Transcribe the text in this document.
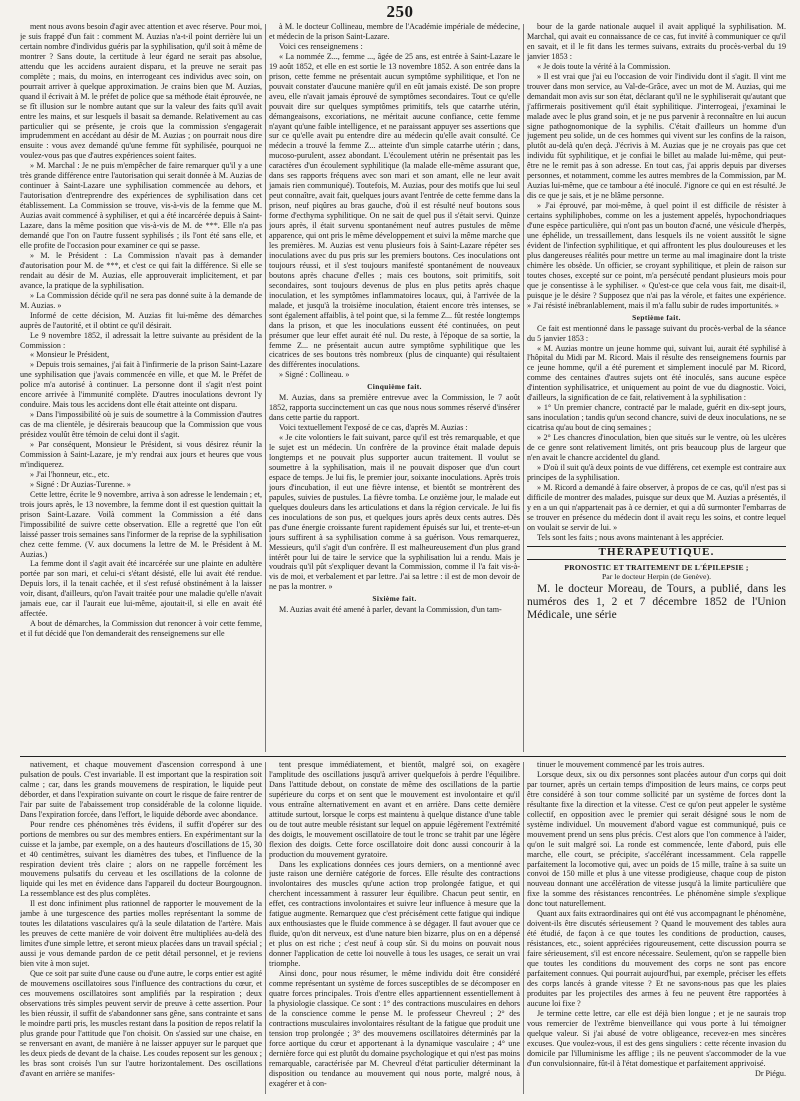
250

ment nous avons besoin d'agir avec attention et avec réserve. Pour moi, je suis frappé d'un fait : comment M. Auzias n'a-t-il point derrière lui un certain nombre d'individus guéris par la syphilisation, qu'il soit à même de montrer ? Sans doute, la certitude à leur égard ne serait pas absolue, attendu que les accidens auraient disparu, et la preuve ne serait pas complète ; mais, du moins, en interrogeant ces individus avec soin, on pourrait arriver à quelque approximation. Je crains bien que M. Auzias, quand il écrivait à M. le préfet de police que sa méthode était éprouvée, ne se fît illusion sur le nombre autant que sur la valeur des faits qu'il avait entre les mains, et sur lesquels il basait sa demande. Relativement au cas particulier qui se présente, je crois que la commission s'engagerait imprudemment en accédant au désir de M. Auzias ; on pourrait nous dire ensuite : vous avez demandé qu'une femme fût syphilisée, pourquoi ne voulez-vous pas que d'autres expériences soient faites.

» M. Marchal : Je ne puis m'empêcher de faire remarquer qu'il y a une très grande différence entre l'autorisation qui serait donnée à M. Auzias de continuer à Saint-Lazare une syphilisation commencée au dehors, et l'autorisation d'entreprendre des expériences de syphilisation dans cet établissement. La Commission se trouve, vis-à-vis de la femme que M. Auzias avait commencé à syphiliser, et qui a été incarcérée depuis à Saint-Lazare, dans la même position que vis-à-vis de M. de ***. Elle n'a pas demandé que l'on on l'autre fussent syphilisés ; ils l'ont été sans elle, et elle profite de l'occasion pour examiner ce qui se passe.

» M. le Président : La Commission n'avait pas à demander d'autorisation pour M. de ***, et c'est ce qui fait la différence. Si elle se rendait au désir de M. Auzias, elle approuverait implicitement, et par avance, la pratique de la syphilisation.

» La Commission décide qu'il ne sera pas donné suite à la demande de M. Auzias. »

Informé de cette décision, M. Auzias fit lui-même des démarches auprès de l'autorité, et il obtint ce qu'il désirait.

Le 9 novembre 1852, il adressait la lettre suivante au président de la Commission :

« Monsieur le Président,

» Depuis trois semaines, j'ai fait à l'infirmerie de la prison Saint-Lazare une syphilisation que j'avais commencée en ville, et que M. le Préfet de police m'a autorisé à continuer. La personne dont il s'agit n'est point encore arrivée à l'immunité complète. D'autres inoculations devront l'y conduire. Mais tous les accidens dont elle était atteinte ont disparu.

» Dans l'impossibilité où je suis de soumettre à la Commission d'autres cas de ma clientèle, je désirerais beaucoup que la Commission que vous présidez voulût être témoin de celui dont il s'agit.

» Par conséquent, Monsieur le Président, si vous désirez réunir la Commission à Saint-Lazare, je m'y rendrai aux jours et heures que vous m'indiquerez.

» J'ai l'honneur, etc., etc.

» Signé : Dr Auzias-Turenne. »

Cette lettre, écrite le 9 novembre, arriva à son adresse le lendemain ; et, trois jours après, le 13 novembre, la femme dont il est question quittait la prison Saint-Lazare. Voilà comment la Commission a été dans l'impossibilité de suivre cette observation. Elle a regretté que l'on eût laissé passer trois semaines sans l'informer de la reprise de la syphilisation chez cette femme. (V. aux documens la lettre de M. le Président à M. Auzias.)

La femme dont il s'agit avait été incarcérée sur une plainte en adultère portée par son mari, et celui-ci s'étant désisté, elle lui avait été rendue. Depuis lors, il la tenait cachée, et il s'est refusé obstinément à la laisser voir, disant, d'ailleurs, qu'on l'avait traitée pour une maladie qu'elle n'avait jamais eue, car il l'aurait eue lui-même, ajoutait-il, si elle en avait été affectée.

A bout de démarches, la Commission dut renoncer à voir cette femme, et il fut décidé que l'on demanderait des renseignemens sur elle

à M. le docteur Collineau, membre de l'Académie impériale de médecine, et médecin de la prison Saint-Lazare.

Voici ces renseignemens :

« La nommée Z..., femme ..., âgée de 25 ans, est entrée à Saint-Lazare le 19 août 1852, et elle en est sortie le 13 novembre 1852. A son entrée dans la prison, cette femme ne présentait aucun symptôme syphilitique, et l'on ne pouvait constater d'aucune manière qu'il en eût jamais existé. De son propre aveu, elle n'avait jamais éprouvé de symptômes secondaires. Tout ce qu'elle pouvait dire sur quelques symptômes primitifs, tels que catarrhe utérin, démangeaisons, excoriations, ne méritait aucune confiance, cette femme n'ayant qu'une faible intelligence, et ne paraissant appuyer ses assertions que sur ce qu'elle avait pu entendre dire au médecin qu'elle avait consulté. Ce médecin a trouvé la femme Z... atteinte d'un simple catarrhe utérin ; dans, mucoso-purulent, assez abondant. L'écoulement utérin ne présentait pas les caractères d'un écoulement syphilitique (la malade elle-même assurant que, dans ses rapports fréquens avec son mari et son amant, elle ne leur avait jamais rien communiqué). Toutefois, M. Auzias, pour des motifs que lui seul peut connaître, avait fait, quelques jours avant l'entrée de cette femme dans la prison, neuf piqûres au bras gauche, d'où il est résulté neuf boutons sous forme d'ecthyma syphilitique. On ne sait de quel pus il s'était servi. Quinze jours après, il était survenu spontanément neuf autres pustules de même apparence, qui ont pris le même développement et suivi la même marche que les premières. M. Auzias est venu plusieurs fois à Saint-Lazare répéter ses inoculations avec du pus pris sur les premiers boutons. Ces inoculations ont toujours réussi, et il s'est toujours manifesté spontanément de nouveaux boutons après chacune d'elles ; mais ces boutons, soit primitifs, soit secondaires, sont toujours devenus de plus en plus petits après chaque inoculation, et les symptômes inflammatoires locaux, qui, à l'arrivée de la malade, et jusqu'à la troisième inoculation, étaient encore très intenses, se sont également affaiblis, à tel point que, si la femme Z... fût restée longtemps dans la prison, et que les inoculations eussent été continuées, on peut présumer que leur effet aurait été nul. Du reste, à l'époque de sa sortie, la femme Z... ne présentait aucun autre symptôme syphilitique que les cicatrices de ses boutons très nombreux (plus de cinquante) qui résultaient des différentes inoculations.

» Signé : Collineau. »

Cinquième fait.

M. Auzias, dans sa première entrevue avec la Commission, le 7 août 1852, rapporta succinctement un cas que nous nous sommes réservé d'insérer dans cette partie du rapport.

Voici textuellement l'exposé de ce cas, d'après M. Auzias :

« Je cite volontiers le fait suivant, parce qu'il est très remarquable, et que le sujet est un médecin. Un confrère de la province était malade depuis longtemps et ne pouvait plus supporter aucun traitement. Il voulut se soumettre à la syphilisation, mais il ne pouvait disposer que d'un court espace de temps. Je lui fis, le premier jour, soixante inoculations. Après trois jours d'incubation, il eut une fièvre intense, et bientôt se montrèrent des papules, suivies de pustules. La fièvre tomba. Le onzième jour, le malade eut quelques douleurs dans les articulations et dans la région cervicale. Je lui fis ces inoculations de son pus, et quelques jours après deux cents autres. Dès pas d'une énergie croissante furent rapidement épuisés sur lui, et trente-et-un jours suffirent à sa syphilisation comme à sa guérison. Vous remarquerez, Messieurs, qu'il s'agit d'un confrère. Il est malheureusement d'un plus grand intérêt pour lui de taire le service que la syphilisation lui a rendu. Mais je voudrais qu'il pût s'expliquer devant la Commission, comme il l'a fait vis-à-vis de moi, et verbalement et par lettre. J'ai sa lettre : il est de mon devoir de ne pas la montrer. »

Sixième fait.

M. Auzias avait été amené à parler, devant la Commission, d'un tam-

bour de la garde nationale auquel il avait appliqué la syphilisation. M. Marchal, qui avait eu connaissance de ce cas, fut invité à communiquer ce qu'il en savait, et il le fit dans les termes suivans, extraits du procès-verbal du 19 janvier 1853 :

« Je dois toute la vérité à la Commission.

» Il est vrai que j'ai eu l'occasion de voir l'individu dont il s'agit. Il vint me trouver dans mon service, au Val-de-Grâce, avec un mot de M. Auzias, qui me demandait mon avis sur son état, déclarant qu'il ne le syphiliserait qu'autant que j'affirmerais positivement qu'il était syphilitique. J'interrogeai, j'examinai le malade avec le plus grand soin, et je ne pus parvenir à reconnaître en lui aucun signe pathognomonique de la syphilis. C'était d'ailleurs un homme d'un jugement peu solide, un de ces hommes qui vivent sur les confins de la raison, plutôt au-delà qu'en deçà. J'écrivis à M. Auzias que je ne croyais pas que cet individu fût syphilitique, et je confiai le billet au malade lui-même, qui peut-être ne le remit pas à son adresse. En tout cas, j'ai appris depuis par diverses personnes, et notamment, comme les autres membres de la Commission, par M. Auzias lui-même, que ce tambour a été inoculé. J'ignore ce qui en est résulté. Je dis ce que je sais, et je ne blâme personne.

» J'ai éprouvé, par moi-même, à quel point il est difficile de résister à certains syphiliphobes, comme on les a justement appelés, hypochondriaques d'une espèce particulière, qui n'ont pas un bouton d'acné, une vésicule d'herpès, une éphélide, un tressaillement, dans lesquels ils ne voient aussitôt le signe évident de l'infection syphilitique, et qui affrontent les plus douloureuses et les plus dangereuses réalités pour mettre un terme au mal imaginaire dont la triste chimère les obsède. Un officier, se croyant syphilitique, et plein de raison sur toutes choses, excepté sur ce point, m'a persécuté pendant plusieurs mois pour que je consentisse à le syphiliser. « Qu'est-ce que cela vous fait, me disait-il, puisque je le désire ? Supposez que n'ai pas la vérole, et faites une expérience. » J'ai résisté inébranlablement, mais il m'a fallu subir de rudes importunités. »

Septième fait.

Ce fait est mentionné dans le passage suivant du procès-verbal de la séance du 5 janvier 1853 :

« M. Auzias montre un jeune homme qui, suivant lui, aurait été syphilisé à l'hôpital du Midi par M. Ricord. Mais il résulte des renseignemens fournis par ce jeune homme, qu'il a été purement et simplement inoculé par M. Ricord, comme des centaines d'autres sujets ont été inoculés, sans aucune espèce d'intention syphilisatrice, et uniquement au point de vue du diagnostic. Voici, d'ailleurs, la signification de ce fait, relativement à la syphilisation :

» 1° Un premier chancre, contracté par le malade, guérit en dix-sept jours, sans inoculation ; tandis qu'un second chancre, suivi de deux inoculations, ne se cicatrisa qu'au bout de cinq semaines ;

» 2° Les chancres d'inoculation, bien que situés sur le ventre, où les ulcères de ce genre sont relativement limités, ont pris beaucoup plus de largeur que n'en avait le chancre accidentel du gland.

» D'où il suit qu'à deux points de vue différens, cet exemple est contraire aux principes de la syphilisation.

» M. Ricord a demandé à faire observer, à propos de ce cas, qu'il n'est pas si difficile de montrer des malades, puisque sur deux que M. Auzias a présentés, il y en a un qui n'appartenait pas à ce dernier, et qui a dû surmonter l'embarras de se trouver en présence du médecin dont il avait reçu les soins, et contre lequel on voulait se servir de lui. »

Tels sont les faits ; nous avons maintenant à les apprécier.

THÉRAPEUTIQUE.
PRONOSTIC ET TRAITEMENT DE L'ÉPILEPSIE ;
Par le docteur Herpin (de Genève).
M. le docteur Moreau, de Tours, a publié, dans les numéros des 1, 2 et 7 décembre 1852 de l'Union Médicale, une série

nativement, et chaque mouvement d'ascension correspond à une pulsation de pouls. C'est invariable. Il est important que la respiration soit calme ; car, dans les grands mouvemens de respiration, le liquide peut déborder, et dans l'expiration suivante on court le risque de faire rentrer de l'air par suite de l'abaissement trop considérable de la colonne liquide. Dans l'expiration forcée, dans l'effort, le liquide déborde avec abondance.

Pour rendre ces phénomènes très évidens, il suffit d'opérer sur des portions de membres ou sur des membres entiers. En expérimentant sur la cuisse et la jambe, par exemple, on a des hauteurs d'oscillations de 15, 30 et 40 centimètres, suivant les diamètres des tubes, et l'influence de la respiration devient très claire ; alors on ne rappelle forcément les mouvemens pulsatifs du cerveau et les oscillations de la colonne de liquide qui les met en évidence dans l'appareil du docteur Bourgougnon. La ressemblance est des plus complètes.

Il est donc infiniment plus rationnel de rapporter le mouvement de la jambe à une turgescence des parties molles représentant la somme de toutes les dilatations vasculaires qu'à la seule dilatation de l'artère. Mais les preuves de cette manière de voir doivent être multipliées au-delà des limites d'une simple lettre, et seront mieux placées dans un travail spécial ; aussi je vous demande pardon de ce petit détail personnel, et je reviens bien vite à mon sujet.

Que ce soit par suite d'une cause ou d'une autre, le corps entier est agité de mouvemens oscillatoires sous l'influence des contractions du cœur, et ces mouvemens oscillatoires sont amplifiés par la respiration ; deux observations très simples peuvent servir de preuve à cette assertion. Pour les bien réussir, il suffit de s'abandonner sans gêne, sans contrainte et sans le moindre parti pris, les muscles restant dans la position de repos relatif la plus grande pour l'attitude que l'on choisit. On s'assied sur une chaise, en se renversant en avant, de manière à ne laisser appuyer sur le parquet que les deux pieds de devant de la chaise. Les coudes reposent sur les genoux ; les bras sont croisés l'un sur l'autre horizontalement. Des oscillations d'avant en arrière se manifes-

tent presque immédiatement, et bientôt, malgré soi, on exagère l'amplitude des oscillations jusqu'à arriver quelquefois à perdre l'équilibre. Dans l'attitude debout, on constate de même des oscillations de la partie supérieure du corps et on sent que le mouvement est involontaire et qu'il vous entraîne alternativement en avant et en arrière. Dans cette dernière attitude surtout, lorsque le corps est maintenu à quelque distance d'une table ou de tout autre meuble résistant sur lequel on appuie légèrement l'extrémité des doigts, le mouvement oscillatoire de tout le tronc se trahit par une légère flexion des doigts. Cette force oscillatoire doit donc aussi concourir à la production du mouvement gyratoire.

Dans les explications données ces jours derniers, on a mentionné avec juste raison une dernière catégorie de forces. Elle résulte des contractions involontaires des muscles qu'une action trop prolongée fatigue, et qui cherchent incessamment à rassurer leur équilibre. Chacun peut sentir, en effet, ces contractions involontaires et suivre leur influence à mesure que la fatigue augmente. Remarquez que c'est précisément cette fatigue qui indique aux enthousiastes que le fluide commence à se dégager. Il faut avouer que ce fluide, qu'on dit nerveux, est d'une nature bien bizarre, plus on en a dépensé et plus on est riche ; c'est neuf à coup sûr. Si du moins on pouvait nous donner l'application de cette loi nouvelle à tous les usages, ce serait un vrai triomphe.

Ainsi donc, pour nous résumer, le même individu doit être considéré comme représentant un système de forces susceptibles de se décomposer en quatre forces principales. Trois d'entre elles appartiennent essentiellement à la physiologie classique. Ce sont : 1° des contractions musculaires en dehors de la conscience comme le pense M. le professeur Chevreul ; 2° des contractions musculaires involontaires résultant de la fatigue que produit une tension trop prolongée ; 3° des mouvemens oscillatoires déterminés par la force aortique du cœur et apportenant à la dynamique vasculaire ; 4° une dernière force qui est plutôt du domaine psychologique et qui n'est pas moins remarquable, caractérisée par M. Chevreul d'état particulier déterminant la disposition ou tendance au mouvement qui nous porte, malgré nous, à exagérer et à con-

tinuer le mouvement commencé par les trois autres.

Lorsque deux, six ou dix personnes sont placées autour d'un corps qui doit par tourner, après un certain temps d'imposition de leurs mains, ce corps peut être considéré à son tour comme sollicité par un système de forces dont la résultante fixe la direction et la vitesse. C'est ce qu'on peut appeler le système collectif, en opposition avec le premier qui serait désigné sous le nom de système individuel. Un mouvement d'abord vague est communiqué, puis ce mouvement prend un sens plus précis. C'est alors que l'on commence à l'aider, qu'on le suit malgré soi. La ronde est commencée, lente d'abord, puis elle marche, elle court, se précipite, s'accélérant incessamment. Cela rappelle parfaitement la locomotive qui, avec un poids de 15 mille, traîne à sa suite un convoi de 150 mille et plus à une vitesse prodigieuse, chaque coup de piston nouveau donnant une accélération de vitesse jusqu'à la limite particulière que fixe la somme des résistances rencontrées. Le phénomène simple s'explique donc tout naturellement.

Quant aux faits extraordinaires qui ont été vus accompagnant le phénomène, doivent-ils être discutés sérieusement ? Quand le mouvement des tables aura été étudié, de façon à ce que toutes les conditions de production, causes, résistances, etc., soient appréciées rigoureusement, cette discussion pourra se faire sérieusement, s'il est encore nécessaire. Seulement, qu'on se rappelle bien que toutes les conditions du mouvement des corps ne sont pas encore parfaitement connues. Qui pourrait aujourd'hui, par exemple, préciser les effets des corps lancés à grande vitesse ? Et ne savons-nous pas que les plaies produites par les projectiles des armes à feu ne peuvent être rapportées à aucune loi fixe ?

Je termine cette lettre, car elle est déjà bien longue ; et je ne saurais trop vous remercier de l'extrême bienveillance qui vous porte à lui témoigner quelque valeur. Si j'ai abusé de votre obligeance, recevez-en mes sincères excuses. Que voulez-vous, il est des gens singuliers : cette récente invasion du domicile par l'illuminisme les afflige ; ils ne peuvent s'accommoder de la vue d'un convulsionnaire, fût-il à l'état domestique et parfaitement apprivoisé.

Dr Piégu.
